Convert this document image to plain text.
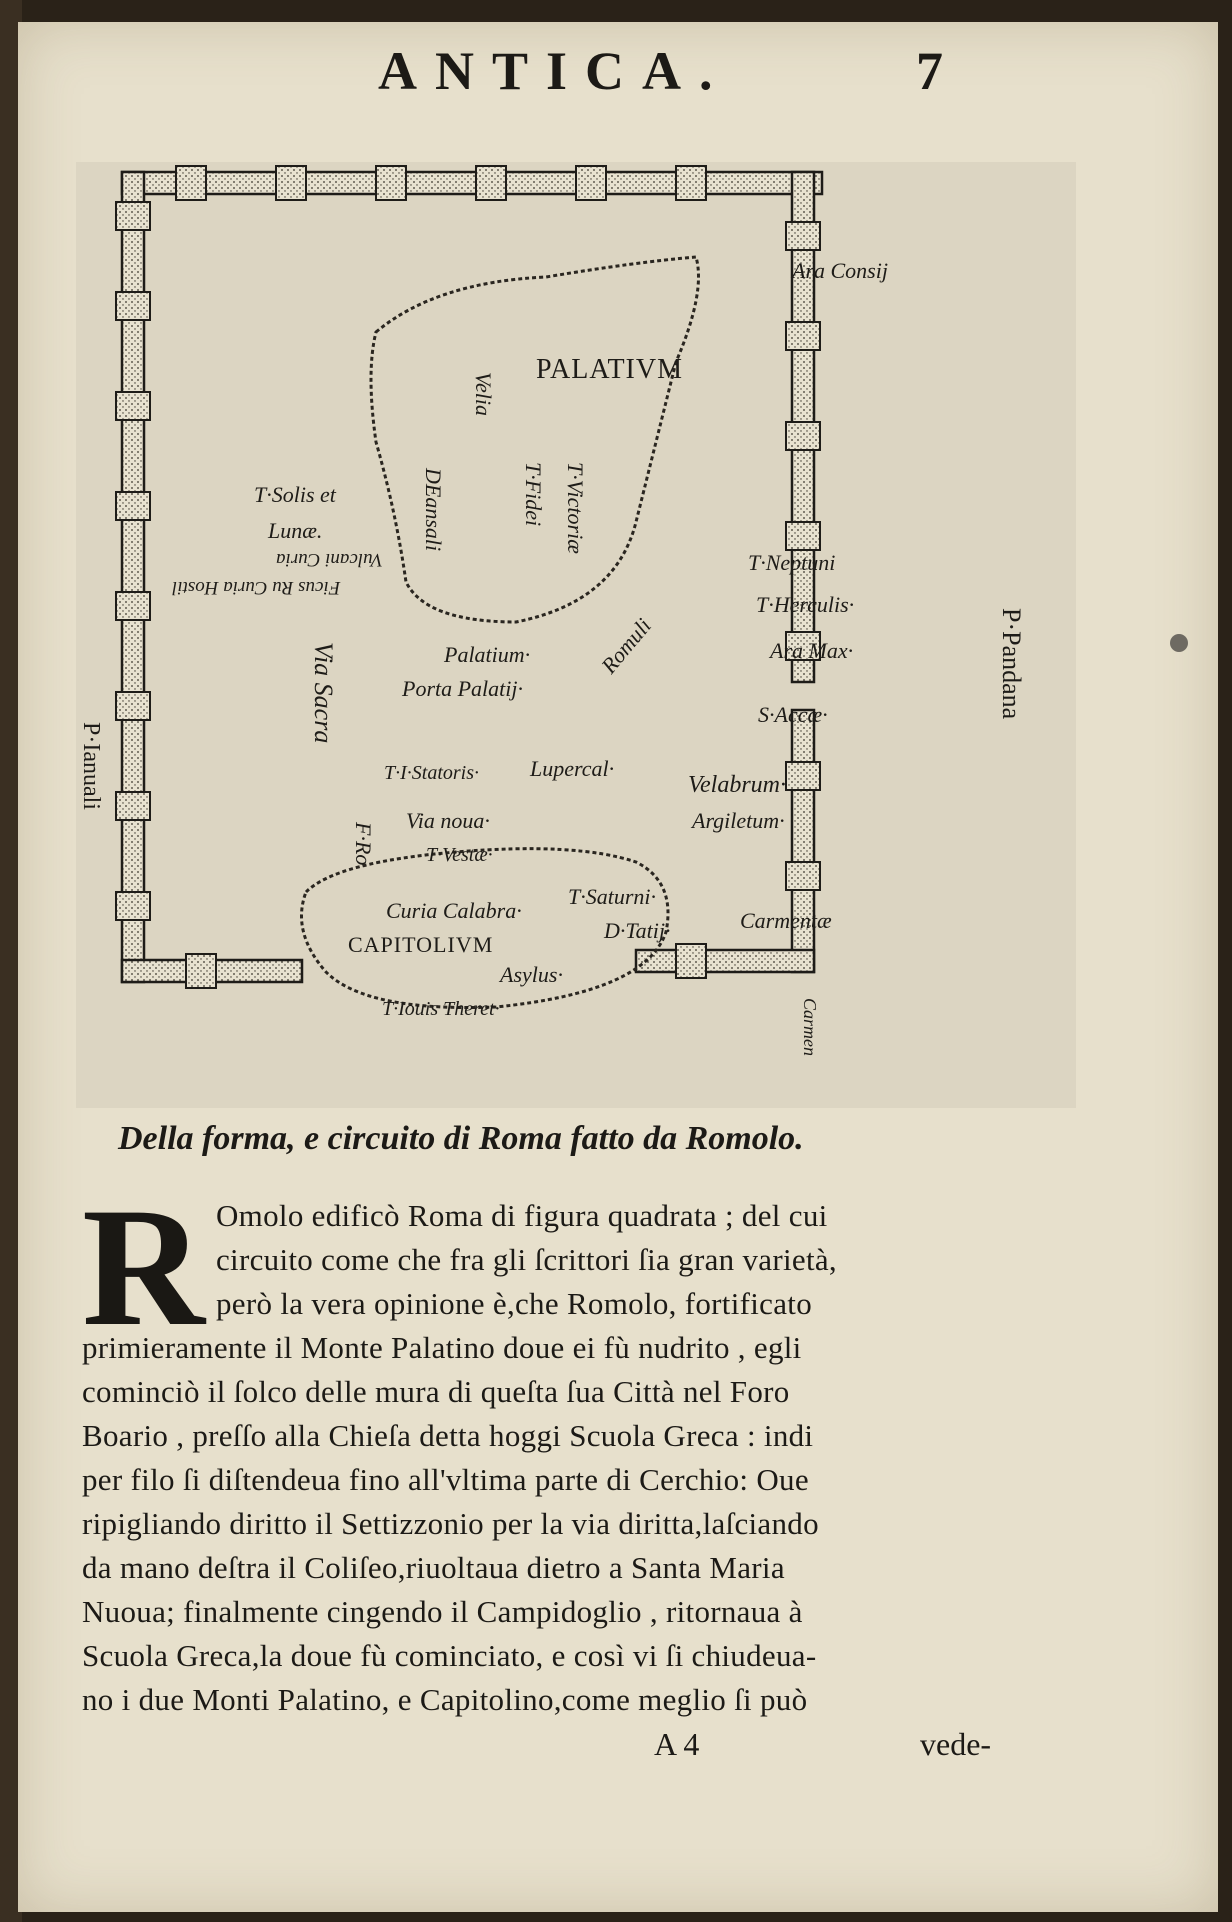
ANTICA.	7
Ara Consij
PALATIVM
Velia
T·Solis et
Lunæ.
Vulcani Curia
Ficus Ru Curia Hostil
DEansali	T·Fidei T·Victoriæ
T·Neptuni
T·Herculis·
Ara Max·	P·Pandana
Via Sacra	Palatium·
Porta Palatij·
Romuli
S·Accæ·
P·Ianuali	T·I·Statoris· Lupercal·
Velabrum·
F·Ro
Via noua·	Argiletum·
T·Vestæ·
Curia Calabra·
T·Saturni·
CAPITOLIVM
D·Tatij·	Carmentæ
Asylus·
T·Iouis Theret·	Carmen
Della forma, e circuito di Roma fatto da Romolo.
R Omolo edificò Roma di figura quadrata ; del cui
circuito come che fra gli ſcrittori ſia gran varietà,
però la vera opinione è,che Romolo, fortificato
primieramente il Monte Palatino doue ei fù nudrito , egli
cominciò il ſolco delle mura di queſta ſua Città nel Foro
Boario , preſſo alla Chieſa detta hoggi Scuola Greca : indi
per filo ſi diſtendeua fino all'vltima parte di Cerchio: Oue
ripigliando diritto il Settizzonio per la via diritta,laſciando
da mano deſtra il Coliſeo,riuoltaua dietro a Santa Maria
Nuoua; finalmente cingendo il Campidoglio , ritornaua à
Scuola Greca,la doue fù cominciato, e così vi ſi chiudeua-
no i due Monti Palatino, e Capitolino,come meglio ſi può
A 4	vede-
